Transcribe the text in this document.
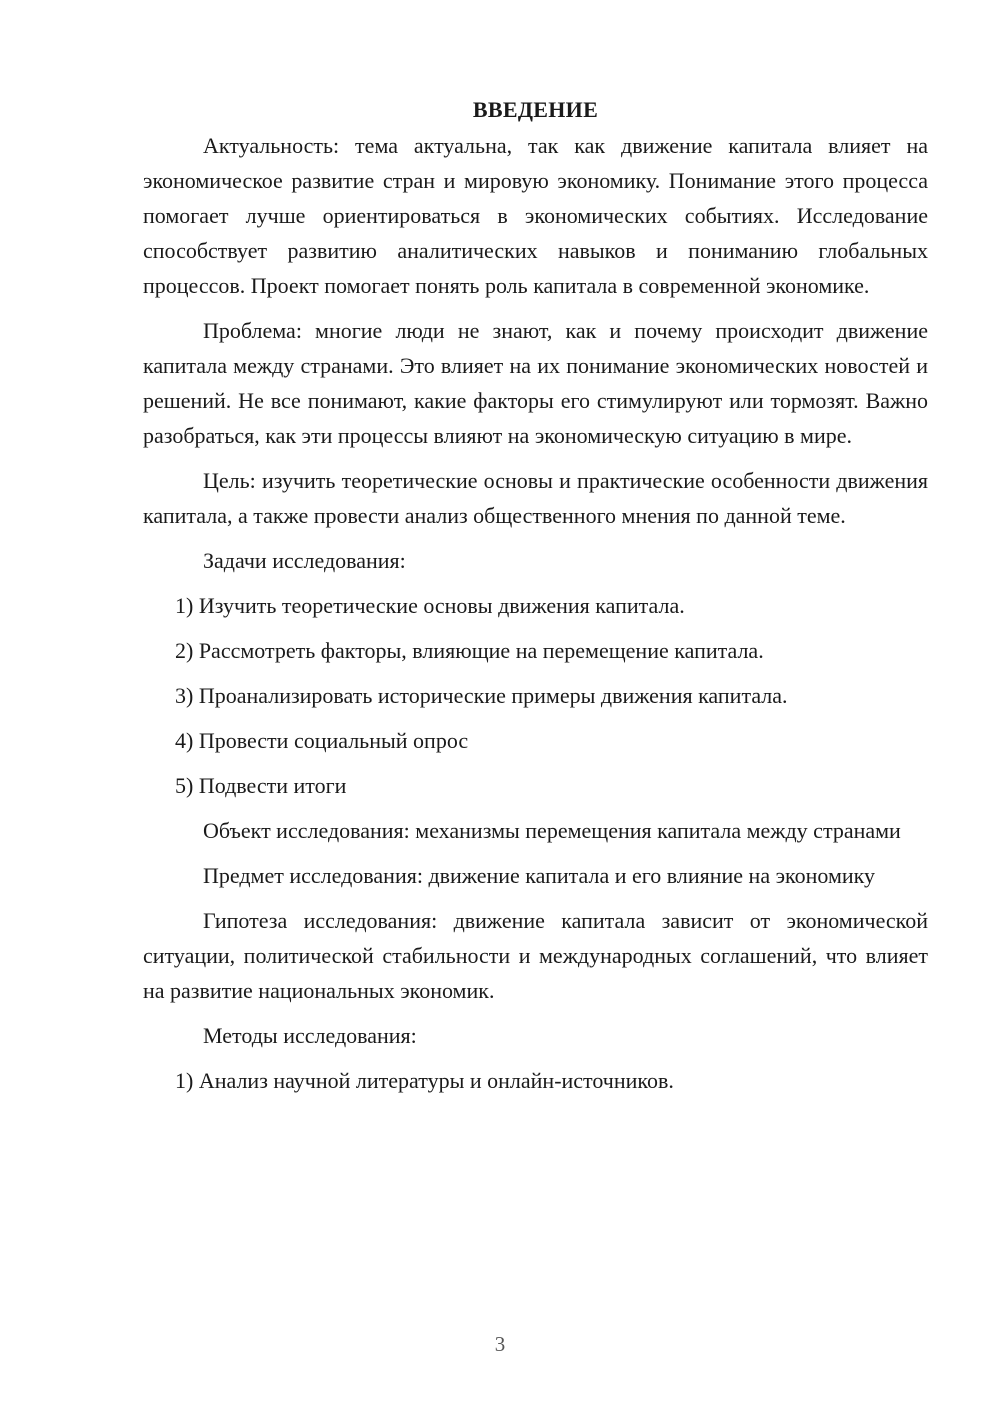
ВВЕДЕНИЕ

Актуальность: тема актуальна, так как движение капитала влияет на экономическое развитие стран и мировую экономику. Понимание этого процесса помогает лучше ориентироваться в экономических событиях. Исследование способствует развитию аналитических навыков и пониманию глобальных процессов. Проект помогает понять роль капитала в современной экономике.

Проблема: многие люди не знают, как и почему происходит движение капитала между странами. Это влияет на их понимание экономических новостей и решений. Не все понимают, какие факторы его стимулируют или тормозят. Важно разобраться, как эти процессы влияют на экономическую ситуацию в мире.

Цель: изучить теоретические основы и практические особенности движения капитала, а также провести анализ общественного мнения по данной теме.

Задачи исследования:

1) Изучить теоретические основы движения капитала.
2) Рассмотреть факторы, влияющие на перемещение капитала.
3) Проанализировать исторические примеры движения капитала.
4) Провести социальный опрос
5) Подвести итоги

Объект исследования: механизмы перемещения капитала между странами

Предмет исследования: движение капитала и его влияние на экономику

Гипотеза исследования: движение капитала зависит от экономической ситуации, политической стабильности и международных соглашений, что влияет на развитие национальных экономик.

Методы исследования:

1) Анализ научной литературы и онлайн-источников.
3
